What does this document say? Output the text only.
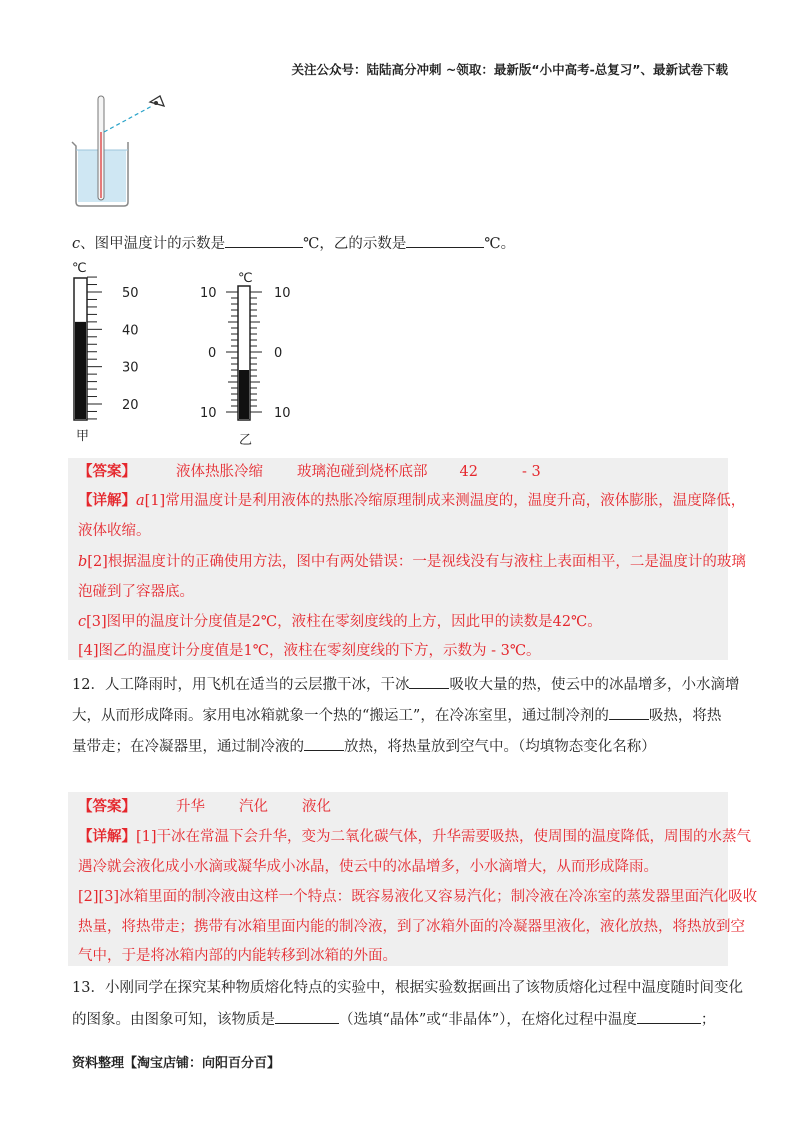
关注公众号：陆陆高分冲刺 ~领取：最新版“小中高考-总复习”、最新试卷下载
c、图甲温度计的示数是	℃，乙的示数是	℃。
℃
50
40
30
20
甲
℃
10
0
10
10
0
10
乙
【答案】	液体热胀冷缩 玻璃泡碰到烧杯底部 42	- 3
【详解】a[1]常用温度计是利用液体的热胀冷缩原理制成来测温度的，温度升高，液体膨胀，温度降低，
液体收缩。
b[2]根据温度计的正确使用方法，图中有两处错误：一是视线没有与液柱上表面相平，二是温度计的玻璃
泡碰到了容器底。
c[3]图甲的温度计分度值是2℃，液柱在零刻度线的上方，因此甲的读数是42℃。
[4]图乙的温度计分度值是1℃，液柱在零刻度线的下方，示数为 - 3℃。
12．人工降雨时，用飞机在适当的云层撒干冰，干冰	吸收大量的热，使云中的冰晶增多，小水滴增
大，从而形成降雨。家用电冰箱就象一个热的“搬运工”，在冷冻室里，通过制冷剂的	吸热，将热
量带走；在冷凝器里，通过制冷液的	放热，将热量放到空气中。（均填物态变化名称）
【答案】	升华 汽化 液化
【详解】[1]干冰在常温下会升华，变为二氧化碳气体，升华需要吸热，使周围的温度降低，周围的水蒸气
遇冷就会液化成小水滴或凝华成小冰晶，使云中的冰晶增多，小水滴增大，从而形成降雨。
[2][3]冰箱里面的制冷液由这样一个特点：既容易液化又容易汽化；制冷液在冷冻室的蒸发器里面汽化吸收
热量，将热带走；携带有冰箱里面内能的制冷液，到了冰箱外面的冷凝器里液化，液化放热，将热放到空
气中，于是将冰箱内部的内能转移到冰箱的外面。
13．小刚同学在探究某种物质熔化特点的实验中，根据实验数据画出了该物质熔化过程中温度随时间变化
的图象。由图象可知，该物质是	（选填“晶体”或“非晶体”），在熔化过程中温度	；
资料整理【淘宝店铺：向阳百分百】
